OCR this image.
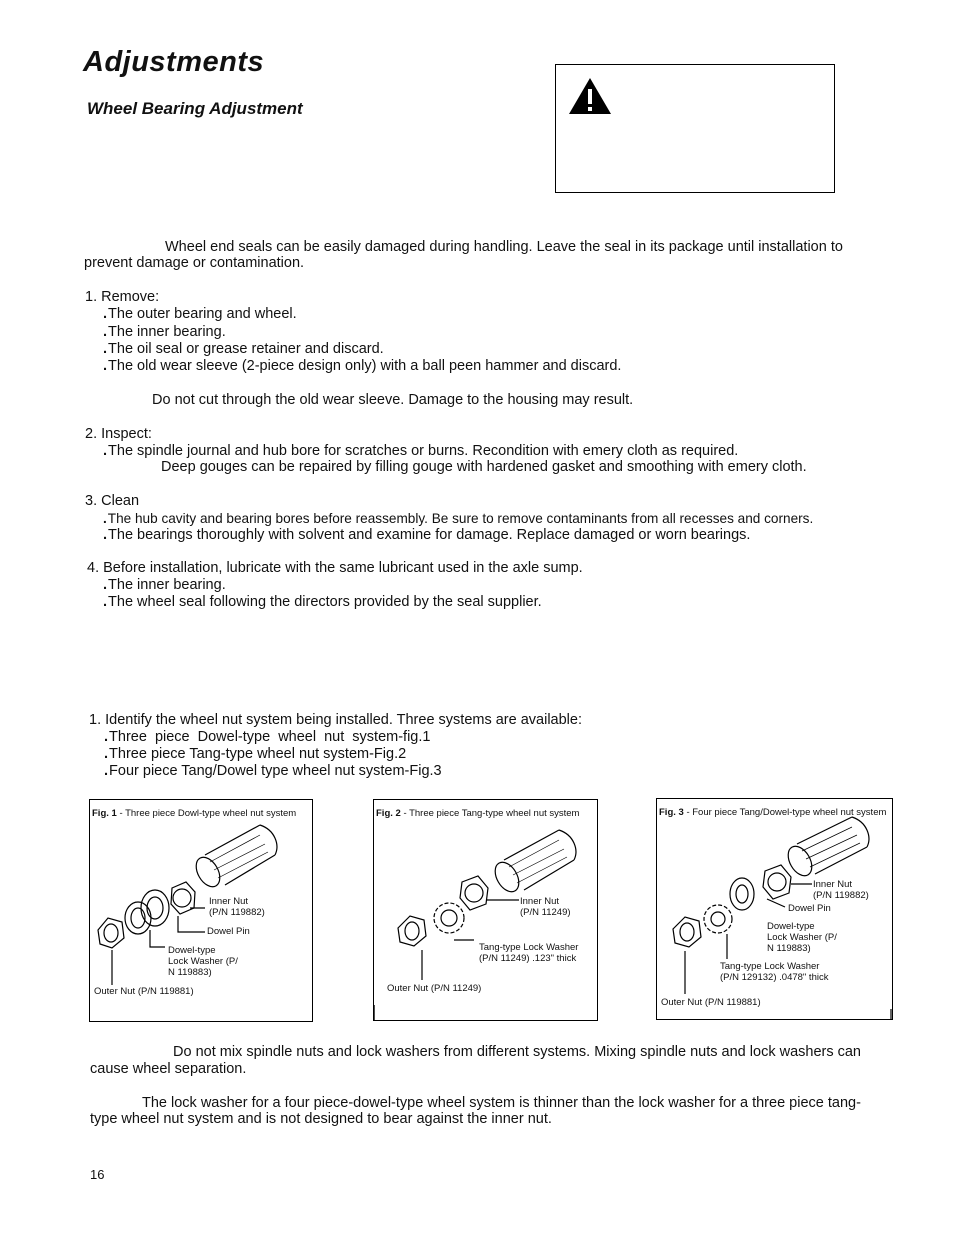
Adjustments
Wheel Bearing Adjustment
Wheel end seals can be easily damaged during handling. Leave the seal in its package until installation to
prevent damage or contamination.
1. Remove:
. The outer bearing and wheel.
. The inner bearing.
. The oil seal or grease retainer and discard.
. The old wear sleeve (2-piece design only) with a ball peen hammer and discard.
Do not cut through the old wear sleeve. Damage to the housing may result.
2. Inspect:
. The spindle journal and hub bore for scratches or burns. Recondition with emery cloth as required.
Deep gouges can be repaired by filling gouge with hardened gasket and smoothing with emery cloth.
3. Clean
. The hub cavity and bearing bores before reassembly. Be sure to remove contaminants from all recesses and corners.
. The bearings thoroughly with solvent and examine for damage. Replace damaged or worn bearings.
4. Before installation, lubricate with the same lubricant used in the axle sump.
. The inner bearing.
. The wheel seal following the directors provided by the seal supplier.
1. Identify the wheel nut system being installed. Three systems are available:
. Three piece Dowel-type wheel nut system-fig.1
. Three piece Tang-type wheel nut system-Fig.2
. Four piece Tang/Dowel type wheel nut system-Fig.3
Fig. 1 - Three piece Dowl-type wheel nut system
Inner Nut
(P/N 119882)
Dowel Pin
Dowel-type
Lock Washer (P/
N 119883)
Outer Nut (P/N 119881)
Fig. 2 - Three piece Tang-type wheel nut system
Inner Nut
(P/N 11249)
Tang-type Lock Washer
(P/N 11249) .123" thick
Outer Nut (P/N 11249)
Fig. 3 - Four piece Tang/Dowel-type wheel nut system
Inner Nut
(P/N 119882)
Dowel Pin
Dowel-type
Lock Washer (P/
N 119883)
Tang-type Lock Washer
(P/N 129132) .0478" thick
Outer Nut (P/N 119881)
Do not mix spindle nuts and lock washers from different systems. Mixing spindle nuts and lock washers can
cause wheel separation.
The lock washer for a four piece-dowel-type wheel system is thinner than the lock washer for a three piece tang-
type wheel nut system and is not designed to bear against the inner nut.
16
